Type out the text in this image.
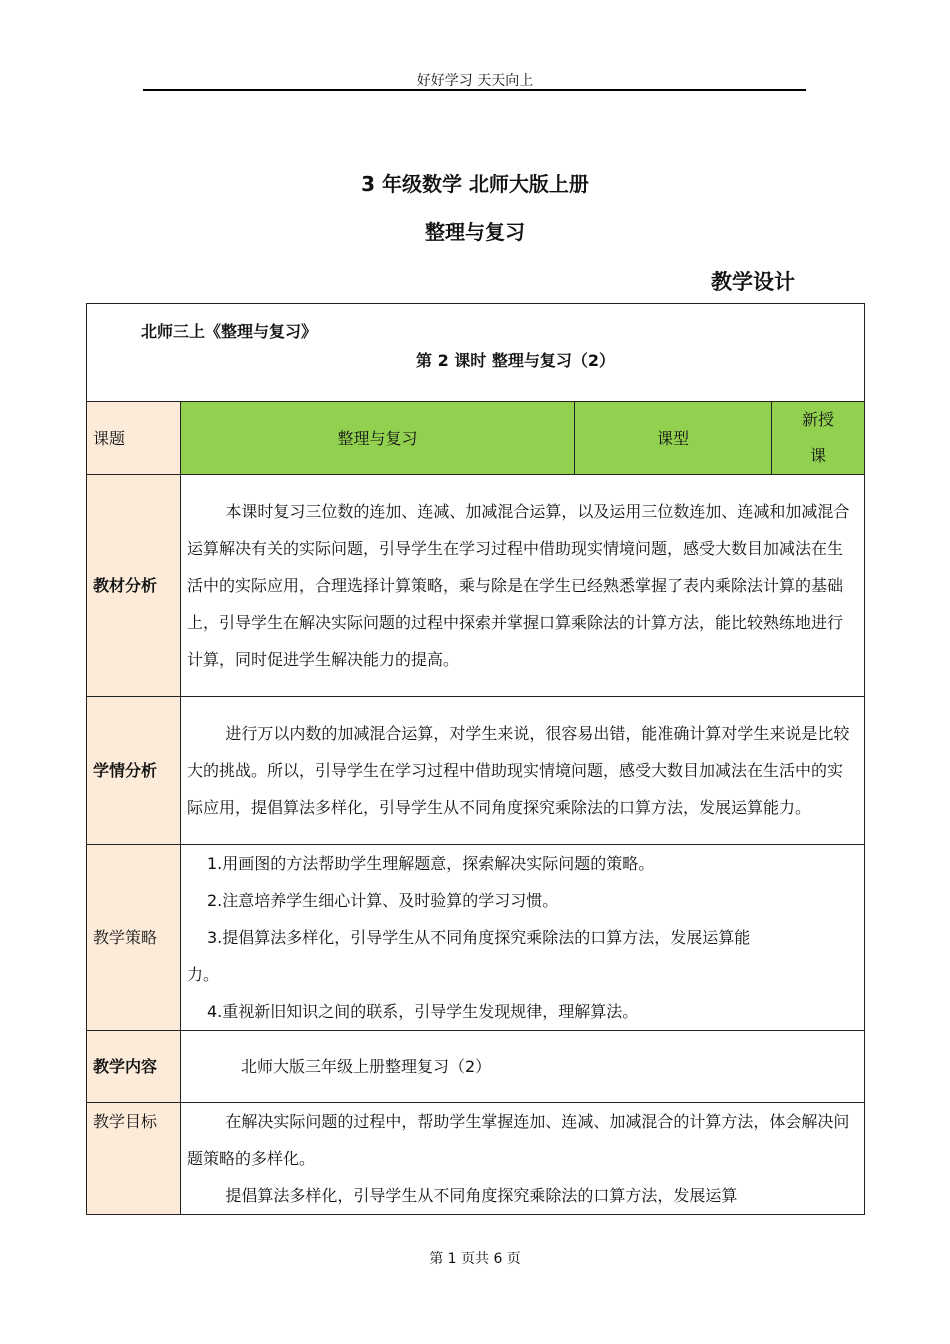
好好学习 天天向上
3 年级数学 北师大版上册
整理与复习
教学设计
北师三上《整理与复习》
第 2 课时 整理与复习（2）			

课题	整理与复习	课型	新授课
教材分析	本课时复习三位数的连加、连减、加减混合运算，以及运用三位数连加、连减和加减混合运算解决有关的实际问题，引导学生在学习过程中借助现实情境问题，感受大数目加减法在生活中的实际应用，合理选择计算策略，乘与除是在学生已经熟悉掌握了表内乘除法计算的基础上，引导学生在解决实际问题的过程中探索并掌握口算乘除法的计算方法，能比较熟练地进行计算，同时促进学生解决能力的提高。		
学情分析	进行万以内数的加减混合运算，对学生来说，很容易出错，能准确计算对学生来说是比较大的挑战。所以，引导学生在学习过程中借助现实情境问题，感受大数目加减法在生活中的实际应用，提倡算法多样化，引导学生从不同角度探究乘除法的口算方法，发展运算能力。		
教学策略	1.用画图的方法帮助学生理解题意，探索解决实际问题的策略。

2.注意培养学生细心计算、及时验算的学习习惯。

3.提倡算法多样化，引导学生从不同角度探究乘除法的口算方法，发展运算能

力。

4.重视新旧知识之间的联系，引导学生发现规律，理解算法。		

教学内容	北师大版三年级上册整理复习（2）		
教学目标	在解决实际问题的过程中，帮助学生掌握连加、连减、加减混合的计算方法，体会解决问题策略的多样化。
提倡算法多样化，引导学生从不同角度探究乘除法的口算方法，发展运算		
第 1 页共 6 页
